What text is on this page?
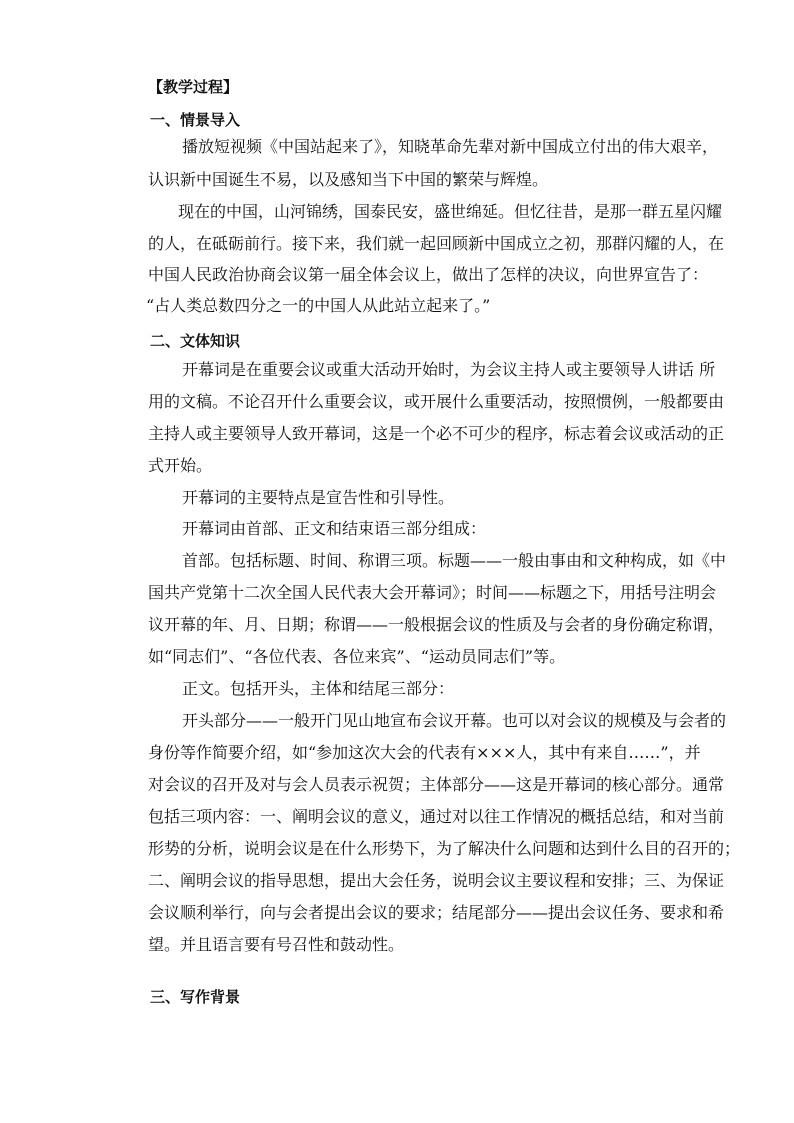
【教学过程】
一、情景导入
播放短视频《中国站起来了》，知晓革命先辈对新中国成立付出的伟大艰辛，
认识新中国诞生不易，以及感知当下中国的繁荣与辉煌。
现在的中国，山河锦绣，国泰民安，盛世绵延。但忆往昔，是那一群五星闪耀
的人，在砥砺前行。接下来，我们就一起回顾新中国成立之初，那群闪耀的人，在
中国人民政治协商会议第一届全体会议上，做出了怎样的决议，向世界宣告了：
“占人类总数四分之一的中国人从此站立起来了。”
二、文体知识
开幕词是在重要会议或重大活动开始时，为会议主持人或主要领导人讲话 所
用的文稿。不论召开什么重要会议，或开展什么重要活动，按照惯例，一般都要由
主持人或主要领导人致开幕词，这是一个必不可少的程序，标志着会议或活动的正
式开始。
开幕词的主要特点是宣告性和引导性。
开幕词由首部、正文和结束语三部分组成：
首部。包括标题、时间、称谓三项。标题——一般由事由和文种构成，如《中
国共产党第十二次全国人民代表大会开幕词》；时间——标题之下，用括号注明会
议开幕的年、月、日期；称谓——一般根据会议的性质及与会者的身份确定称谓，
如“同志们”、“各位代表、各位来宾”、“运动员同志们”等。
正文。包括开头，主体和结尾三部分：
开头部分——一般开门见山地宣布会议开幕。也可以对会议的规模及与会者的
身份等作简要介绍，如“参加这次大会的代表有×××人，其中有来自……”，并
对会议的召开及对与会人员表示祝贺；主体部分——这是开幕词的核心部分。通常
包括三项内容：一、阐明会议的意义，通过对以往工作情况的概括总结，和对当前
形势的分析，说明会议是在什么形势下，为了解决什么问题和达到什么目的召开的；
二、阐明会议的指导思想，提出大会任务，说明会议主要议程和安排；三、为保证
会议顺利举行，向与会者提出会议的要求；结尾部分——提出会议任务、要求和希
望。并且语言要有号召性和鼓动性。
三、写作背景
